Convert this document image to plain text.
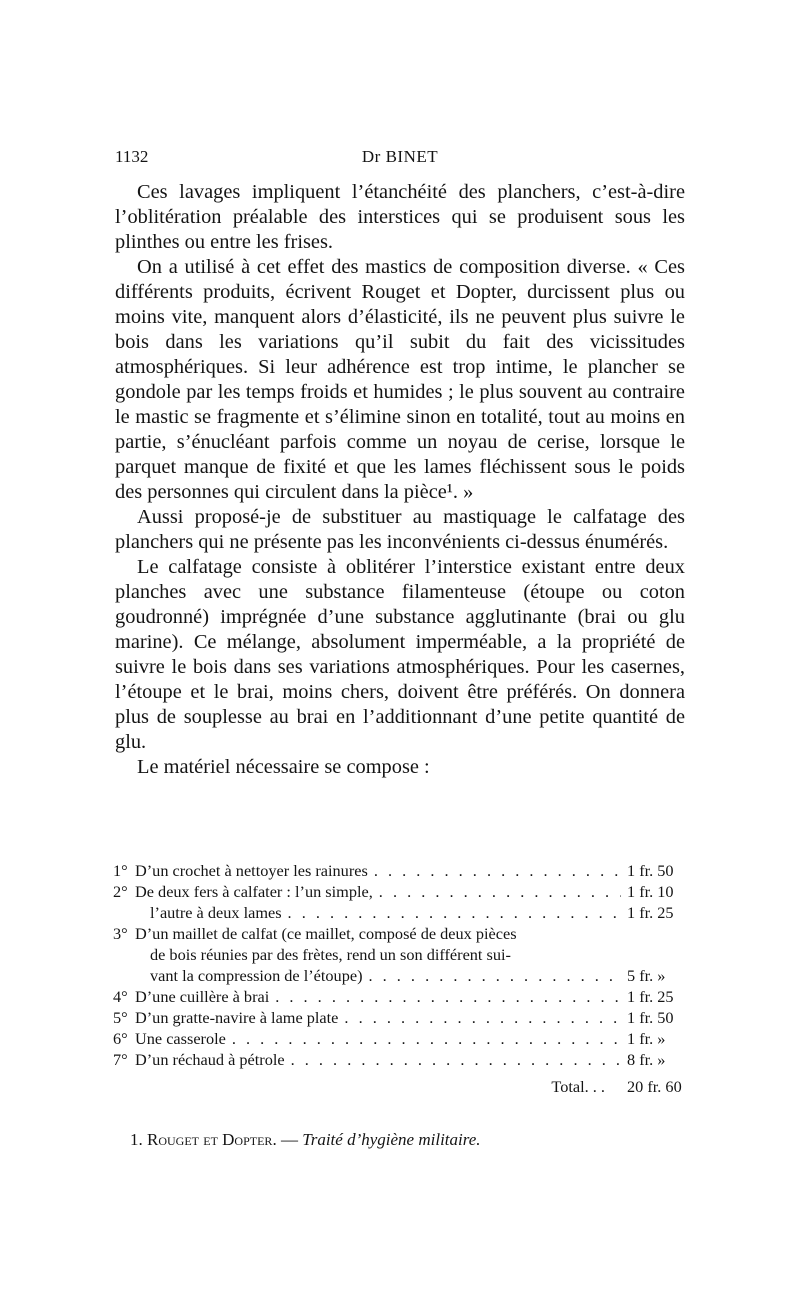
1132	Dr BINET

Ces lavages impliquent l’étanchéité des planchers, c’est-à-dire l’oblitération préalable des interstices qui se produisent sous les plinthes ou entre les frises.

On a utilisé à cet effet des mastics de composition diverse. « Ces différents produits, écrivent Rouget et Dopter, durcissent plus ou moins vite, manquent alors d’élasticité, ils ne peuvent plus suivre le bois dans les variations qu’il subit du fait des vicissitudes atmosphériques. Si leur adhérence est trop intime, le plancher se gondole par les temps froids et humides ; le plus souvent au contraire le mastic se fragmente et s’élimine sinon en totalité, tout au moins en partie, s’énucléant parfois comme un noyau de cerise, lorsque le parquet manque de fixité et que les lames fléchissent sous le poids des personnes qui circulent dans la pièce¹. »

Aussi proposé-je de substituer au mastiquage le calfatage des planchers qui ne présente pas les inconvénients ci-dessus énumérés.

Le calfatage consiste à oblitérer l’interstice existant entre deux planches avec une substance filamenteuse (étoupe ou coton goudronné) imprégnée d’une substance agglutinante (brai ou glu marine). Ce mélange, absolument imperméable, a la propriété de suivre le bois dans ses variations atmosphériques. Pour les casernes, l’étoupe et le brai, moins chers, doivent être préférés. On donnera plus de souplesse au brai en l’additionnant d’une petite quantité de glu.

Le matériel nécessaire se compose :

1° D’un crochet à nettoyer les rainures . . .	1 fr. 50
2° De deux fers à calfater : l’un simple, . . .	1 fr. 10
l’autre à deux lames . . .	1 fr. 25
3° D’un maillet de calfat (ce maillet, composé de deux pièces
de bois réunies par des frètes, rend un son différent sui-
vant la compression de l’étoupe) . . .	5 fr. »
4° D’une cuillère à brai . . .	1 fr. 25
5° D’un gratte-navire à lame plate . . .	1 fr. 50
6° Une casserole . . .	1 fr. »
7° D’un réchaud à pétrole . . .	8 fr. »
Total. . . 20 fr. 60
1. Rouget et Dopter. — Traité d’hygiène militaire.
